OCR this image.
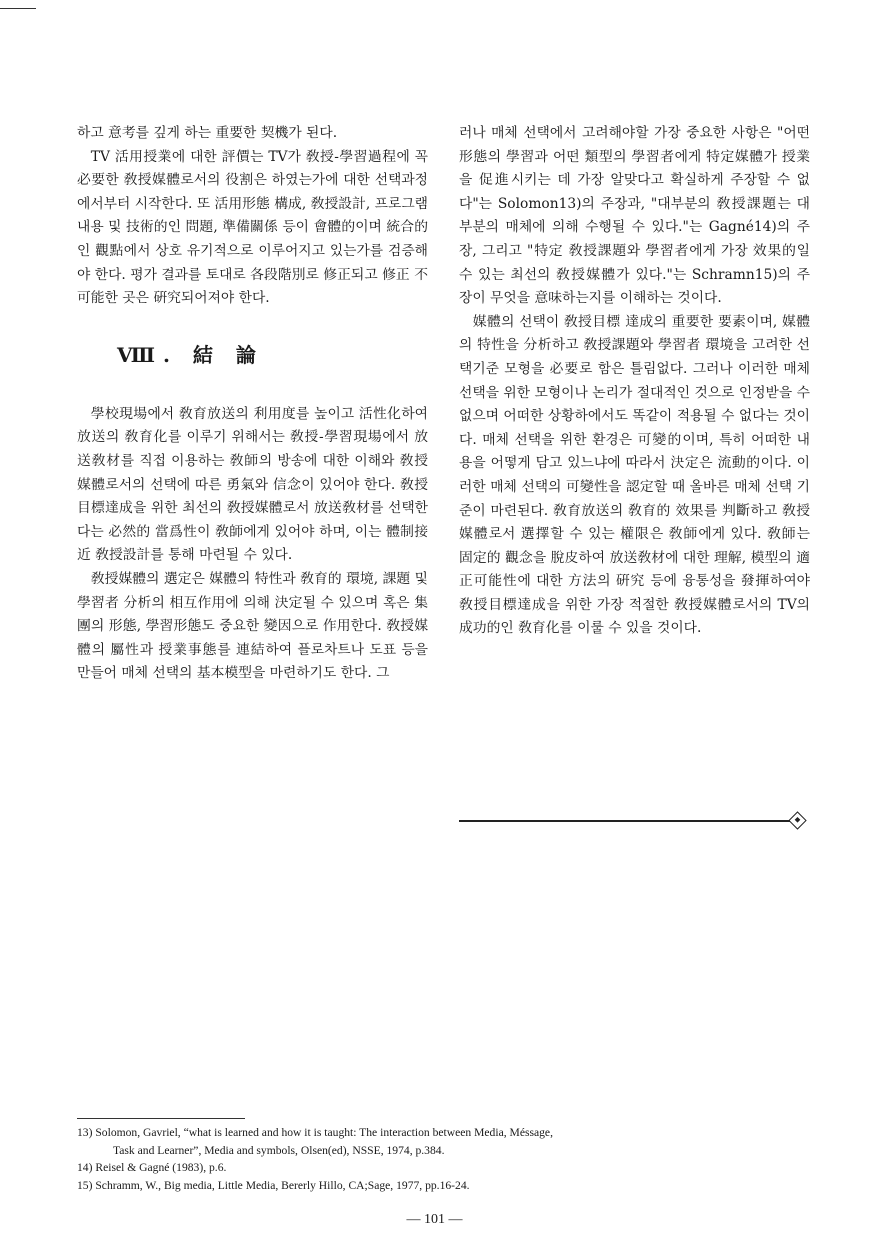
하고 意考를 깊게 하는 重要한 契機가 된다.

TV 活用授業에 대한 評價는 TV가 敎授-學習過程에 꼭 必要한 敎授媒體로서의 役割은 하였는가에 대한 선택과정에서부터 시작한다. 또 活用形態 構成, 敎授設計, 프로그램 내용 및 技術的인 問題, 準備關係 등이 會體的이며 統合的인 觀點에서 상호 유기적으로 이루어지고 있는가를 검증해야 한다. 평가 결과를 토대로 各段階別로 修正되고 修正 不可能한 곳은 硏究되어져야 한다.

Ⅷ. 結 論

學校現場에서 敎育放送의 利用度를 높이고 活性化하여 放送의 敎育化를 이루기 위해서는 敎授-學習現場에서 放送敎材를 직접 이용하는 敎師의 방송에 대한 이해와 敎授媒體로서의 선택에 따른 勇氣와 信念이 있어야 한다. 敎授目標達成을 위한 최선의 敎授媒體로서 放送敎材를 선택한다는 必然的 當爲性이 敎師에게 있어야 하며, 이는 體制接近 敎授設計를 통해 마련될 수 있다.

敎授媒體의 選定은 媒體의 特性과 敎育的 環境, 課題 및 學習者 分析의 相互作用에 의해 決定될 수 있으며 혹은 集團의 形態, 學習形態도 중요한 變因으로 作用한다. 敎授媒體의 屬性과 授業事態를 連結하여 플로차트나 도표 등을 만들어 매체 선택의 基本模型을 마련하기도 한다. 그

러나 매체 선택에서 고려해야할 가장 중요한 사항은 "어떤 形態의 學習과 어떤 類型의 學習者에게 特定媒體가 授業을 促進시키는 데 가장 알맞다고 확실하게 주장할 수 없다"는 Solomon13)의 주장과, "대부분의 敎授課題는 대부분의 매체에 의해 수행될 수 있다."는 Gagné14)의 주장, 그리고 "特定 敎授課題와 學習者에게 가장 效果的일 수 있는 최선의 敎授媒體가 있다."는 Schramn15)의 주장이 무엇을 意味하는지를 이해하는 것이다.

媒體의 선택이 敎授目標 達成의 重要한 要素이며, 媒體의 特性을 分析하고 敎授課題와 學習者 環境을 고려한 선택기준 모형을 必要로 함은 틀림없다. 그러나 이러한 매체 선택을 위한 모형이나 논리가 절대적인 것으로 인정받을 수 없으며 어떠한 상황하에서도 똑같이 적용될 수 없다는 것이다. 매체 선택을 위한 환경은 可變的이며, 특히 어떠한 내용을 어떻게 담고 있느냐에 따라서 決定은 流動的이다. 이러한 매체 선택의 可變性을 認定할 때 올바른 매체 선택 기준이 마련된다. 敎育放送의 敎育的 效果를 判斷하고 敎授媒體로서 選擇할 수 있는 權限은 敎師에게 있다. 敎師는 固定的 觀念을 脫皮하여 放送敎材에 대한 理解, 模型의 適正可能性에 대한 方法의 硏究 등에 융통성을 發揮하여야 敎授目標達成을 위한 가장 적절한 敎授媒體로서의 TV의 成功的인 敎育化를 이룰 수 있을 것이다.

13) Solomon, Gavriel, “what is learned and how it is taught: The interaction between Media, Méssage,

Task and Learner”, Media and symbols, Olsen(ed), NSSE, 1974, p.384.

14) Reisel & Gagné (1983), p.6.

15) Schramm, W., Big media, Little Media, Bererly Hillo, CA;Sage, 1977, pp.16-24.

— 101 —
